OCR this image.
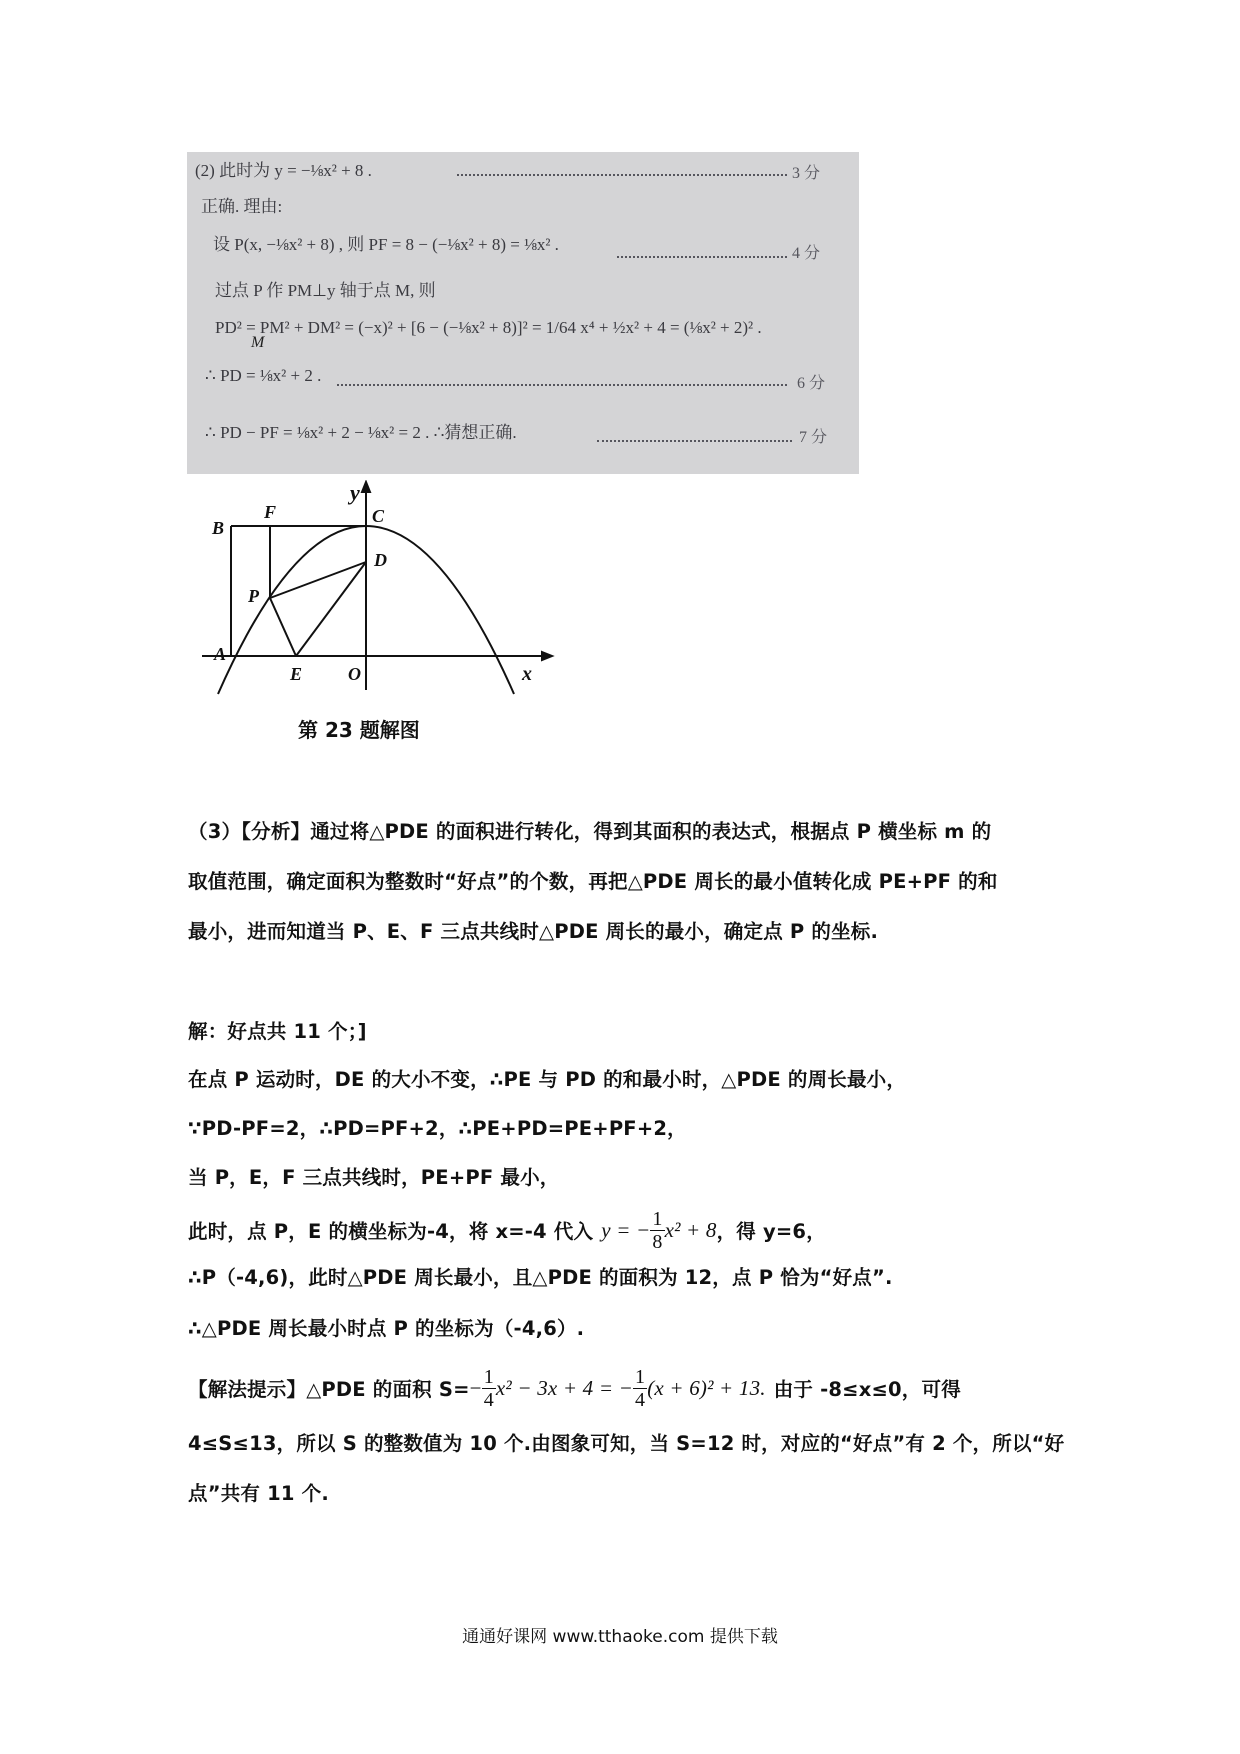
(2) 此时为 y = −⅛x² + 8 .	3 分
正确. 理由:
设 P(x, −⅛x² + 8) , 则 PF = 8 − (−⅛x² + 8) = ⅛x² .	4 分
过点 P 作 PM⊥y 轴于点 M, 则
PD² = PM² + DM² = (−x)² + [6 − (−⅛x² + 8)]² = 1/64 x⁴ + ½x² + 4 = (⅛x² + 2)² .
M
∴ PD = ⅛x² + 2 .	6 分
∴ PD − PF = ⅛x² + 2 − ⅛x² = 2 . ∴猜想正确.	7 分
B
F
y
C
D
P
A
E	O	x
第 23 题解图
（3）【分析】通过将△PDE 的面积进行转化，得到其面积的表达式，根据点 P 横坐标 m 的
取值范围，确定面积为整数时“好点”的个数，再把△PDE 周长的最小值转化成 PE+PF 的和
最小，进而知道当 P、E、F 三点共线时△PDE 周长的最小，确定点 P 的坐标.
解：好点共 11 个；]
在点 P 运动时，DE 的大小不变，∴PE 与 PD 的和最小时，△PDE 的周长最小，
∵PD-PF=2，∴PD=PF+2，∴PE+PD=PE+PF+2，
当 P，E，F 三点共线时，PE+PF 最小，
此时，点 P，E 的横坐标为-4，将 x=-4 代入 y = − $\frac{1}{8} x^2 + 8$ ，得 y=6，
∴P（-4,6)，此时△PDE 周长最小，且△PDE 的面积为 12，点 P 恰为“好点”.
∴△PDE 周长最小时点 P 的坐标为（-4,6）.
【解法提示】△PDE 的面积 $S= - \frac{1}{4} x^2 - 3x + 4$ = − $\frac{1}{4} (x + 6)^2 + 13$. 由于 -8≤x≤0，可得
4≤S≤13，所以 S 的整数值为 10 个.由图象可知，当 S=12 时，对应的“好点”有 2 个，所以“好
点”共有 11 个.
通通好课网 www.tthaoke.com 提供下载
